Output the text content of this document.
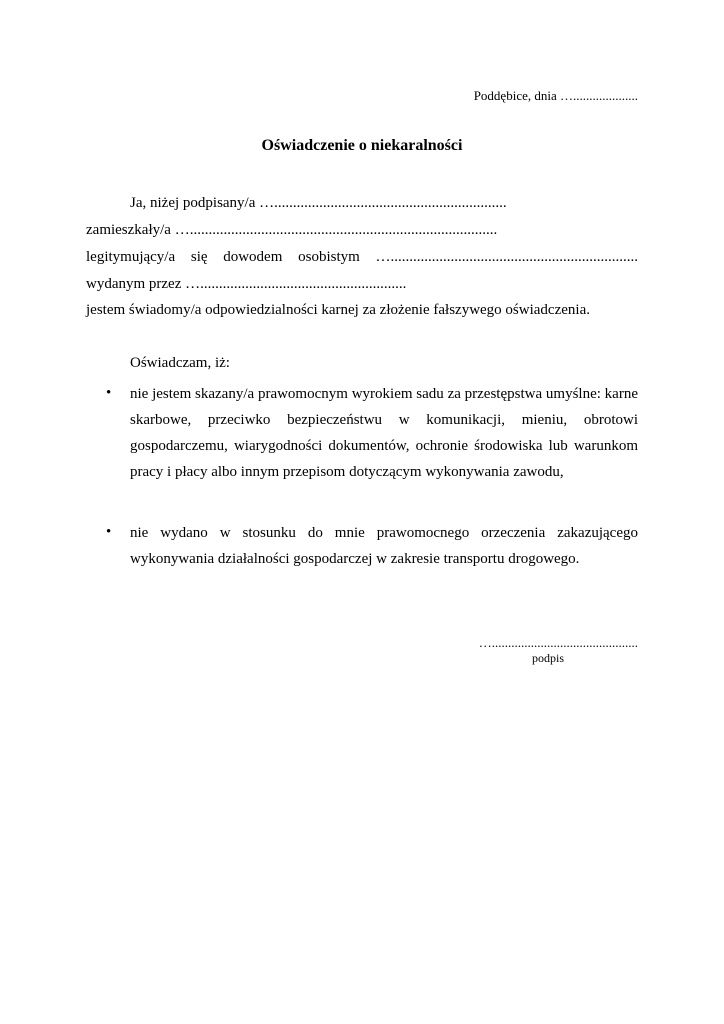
Poddębice, dnia …....................
Oświadczenie o niekaralności
Ja, niżej podpisany/a …..............................................................
zamieszkały/a …..................................................................................
legitymujący/a się dowodem osobistym …..................................................................
wydanym przez ….......................................................
jestem świadomy/a odpowiedzialności karnej za złożenie fałszywego oświadczenia.
Oświadczam, iż:
• nie jestem skazany/a prawomocnym wyrokiem sadu za przestępstwa umyślne: karne skarbowe, przeciwko bezpieczeństwu w komunikacji, mieniu, obrotowi gospodarczemu, wiarygodności dokumentów, ochronie środowiska lub warunkom pracy i płacy albo innym przepisom dotyczącym wykonywania zawodu,
• nie wydano w stosunku do mnie prawomocnego orzeczenia zakazującego wykonywania działalności gospodarczej w zakresie transportu drogowego.
….............................................
podpis
